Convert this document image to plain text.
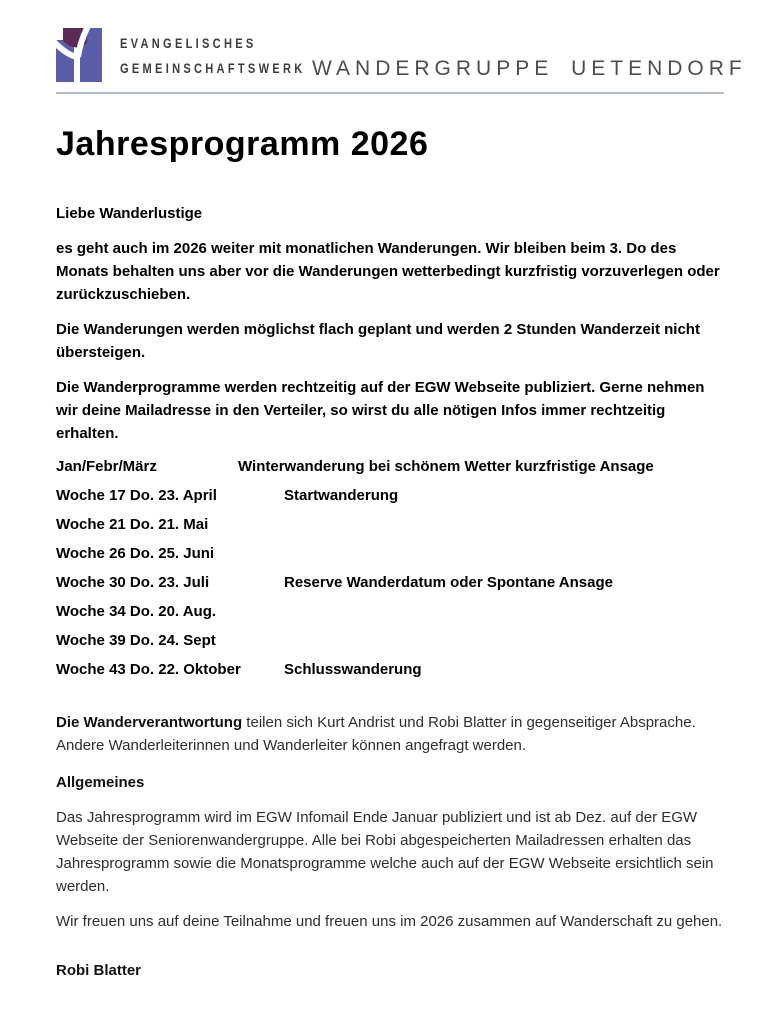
EVANGELISCHES
GEMEINSCHAFTSWERK WANDERGRUPPE UETENDORF
Jahresprogramm 2026
Liebe Wanderlustige

es geht auch im 2026 weiter mit monatlichen Wanderungen. Wir bleiben beim 3. Do des Monats behalten uns aber vor die Wanderungen wetterbedingt kurzfristig vorzuverlegen oder zurückzuschieben.

Die Wanderungen werden möglichst flach geplant und werden 2 Stunden Wanderzeit nicht übersteigen.

Die Wanderprogramme werden rechtzeitig auf der EGW Webseite publiziert. Gerne nehmen wir deine Mailadresse in den Verteiler, so wirst du alle nötigen Infos immer rechtzeitig erhalten.

Jan/Febr/März	Winterwanderung bei schönem Wetter kurzfristige Ansage
Woche 17 Do. 23. April	Startwanderung
Woche 21 Do. 21. Mai
Woche 26 Do. 25. Juni
Woche 30 Do. 23. Juli	Reserve Wanderdatum oder Spontane Ansage
Woche 34 Do. 20. Aug.
Woche 39 Do. 24. Sept
Woche 43 Do. 22. Oktober	Schlusswanderung

Die Wanderverantwortung teilen sich Kurt Andrist und Robi Blatter in gegenseitiger Absprache. Andere Wanderleiterinnen und Wanderleiter können angefragt werden.

Allgemeines

Das Jahresprogramm wird im EGW Infomail Ende Januar publiziert und ist ab Dez. auf der EGW Webseite der Seniorenwandergruppe. Alle bei Robi abgespeicherten Mailadressen erhalten das Jahresprogramm sowie die Monatsprogramme welche auch auf der EGW Webseite ersichtlich sein werden.

Wir freuen uns auf deine Teilnahme und freuen uns im 2026 zusammen auf Wanderschaft zu gehen.

Robi Blatter
